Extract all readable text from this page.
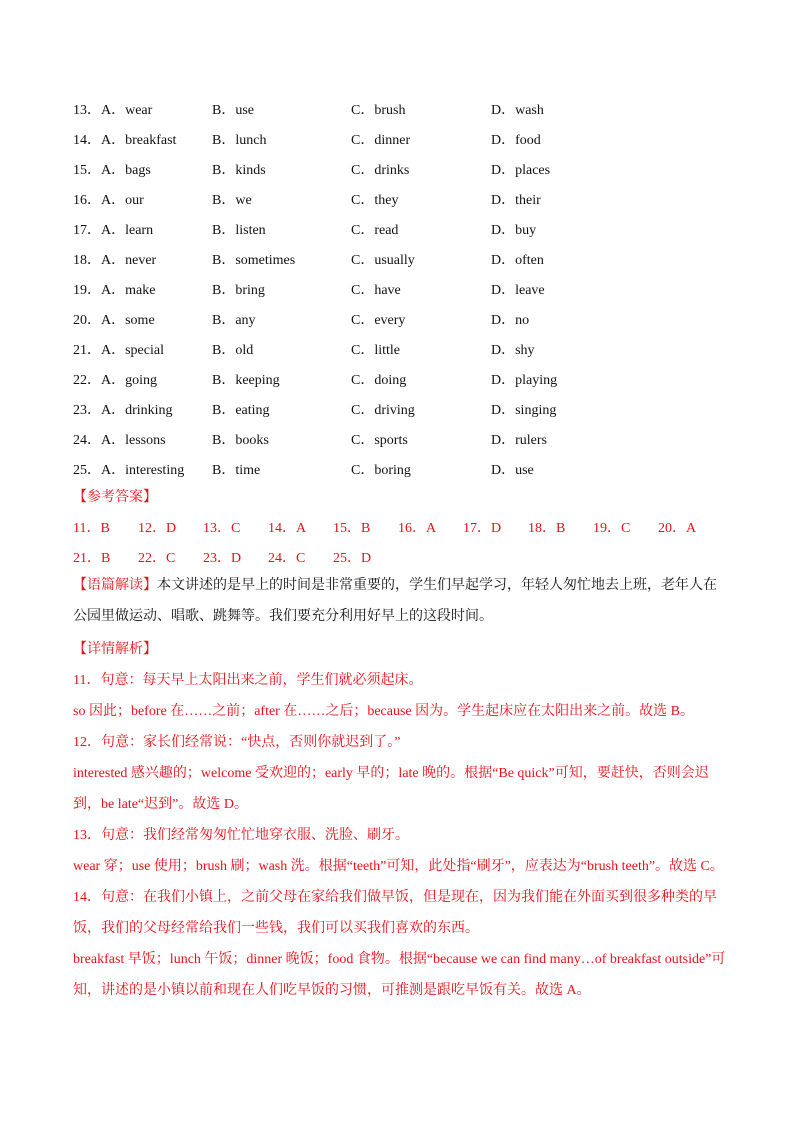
13．A．wear	B．use	C．brush	D．wash
14．A．breakfast	B．lunch	C．dinner	D．food
15．A．bags	B．kinds	C．drinks	D．places
16．A．our	B．we	C．they	D．their
17．A．learn	B．listen	C．read	D．buy
18．A．never	B．sometimes	C．usually	D．often
19．A．make	B．bring	C．have	D．leave
20．A．some	B．any	C．every	D．no
21．A．special	B．old	C．little	D．shy
22．A．going	B．keeping	C．doing	D．playing
23．A．drinking	B．eating	C．driving	D．singing
24．A．lessons	B．books	C．sports	D．rulers
25．A．interesting	B．time	C．boring	D．use
【参考答案】
11．B	12．D	13．C	14．A	15．B	16．A	17．D	18．B	19．C	20．A
21．B	22．C	23．D	24．C	25．D

【语篇解读】本文讲述的是早上的时间是非常重要的，学生们早起学习，年轻人匆忙地去上班，老年人在公园里做运动、唱歌、跳舞等。我们要充分利用好早上的这段时间。

【详情解析】

11．句意：每天早上太阳出来之前，学生们就必须起床。

so 因此；before 在……之前；after 在……之后；because 因为。学生起床应在太阳出来之前。故选 B。

12．句意：家长们经常说：“快点，否则你就迟到了。”

interested 感兴趣的；welcome 受欢迎的；early 早的；late 晚的。根据“Be quick”可知，要赶快，否则会迟到，be late“迟到”。故选 D。

13．句意：我们经常匆匆忙忙地穿衣服、洗脸、刷牙。

wear 穿；use 使用；brush 刷；wash 洗。根据“teeth”可知，此处指“刷牙”，应表达为“brush teeth”。故选 C。

14．句意：在我们小镇上，之前父母在家给我们做早饭，但是现在，因为我们能在外面买到很多种类的早饭，我们的父母经常给我们一些钱，我们可以买我们喜欢的东西。

breakfast 早饭；lunch 午饭；dinner 晚饭；food 食物。根据“because we can find many…of breakfast outside”可知，讲述的是小镇以前和现在人们吃早饭的习惯，可推测是跟吃早饭有关。故选 A。
